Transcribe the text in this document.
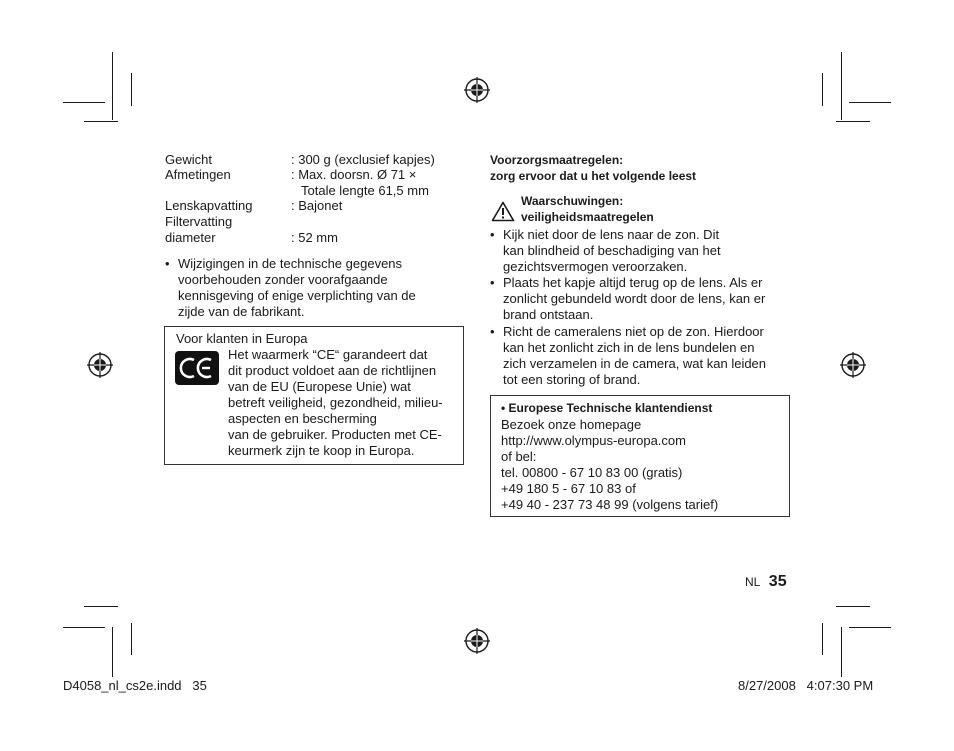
Gewicht	: 300 g (exclusief kapjes)
Afmetingen	: Max. doorsn. Ø 71 ×
Totale lengte 61,5 mm
Lenskapvatting	: Bajonet
Filtervatting
diameter	: 52 mm
• Wijzigingen in de technische gegevens
voorbehouden zonder voorafgaande
kennisgeving of enige verplichting van de
zijde van de fabrikant.
Voor klanten in Europa
Het waarmerk “CE“ garandeert dat
dit product voldoet aan de richtlijnen
van de EU (Europese Unie) wat
betreft veiligheid, gezondheid, milieu-
aspecten en bescherming
van de gebruiker. Producten met CE-
keurmerk zijn te koop in Europa.
Voorzorgsmaatregelen:
zorg ervoor dat u het volgende leest
Waarschuwingen:
veiligheidsmaatregelen
• Kijk niet door de lens naar de zon. Dit
kan blindheid of beschadiging van het
gezichtsvermogen veroorzaken.
• Plaats het kapje altijd terug op de lens. Als er
zonlicht gebundeld wordt door de lens, kan er
brand ontstaan.
• Richt de cameralens niet op de zon. Hierdoor
kan het zonlicht zich in de lens bundelen en
zich verzamelen in de camera, wat kan leiden
tot een storing of brand.
• Europese Technische klantendienst
Bezoek onze homepage
http://www.olympus-europa.com
of bel:
tel. 00800 - 67 10 83 00 (gratis)
+49 180 5 - 67 10 83 of
+49 40 - 237 73 48 99 (volgens tarief)
NL 35
D4058_nl_cs2e.indd   35	8/27/2008   4:07:30 PM
